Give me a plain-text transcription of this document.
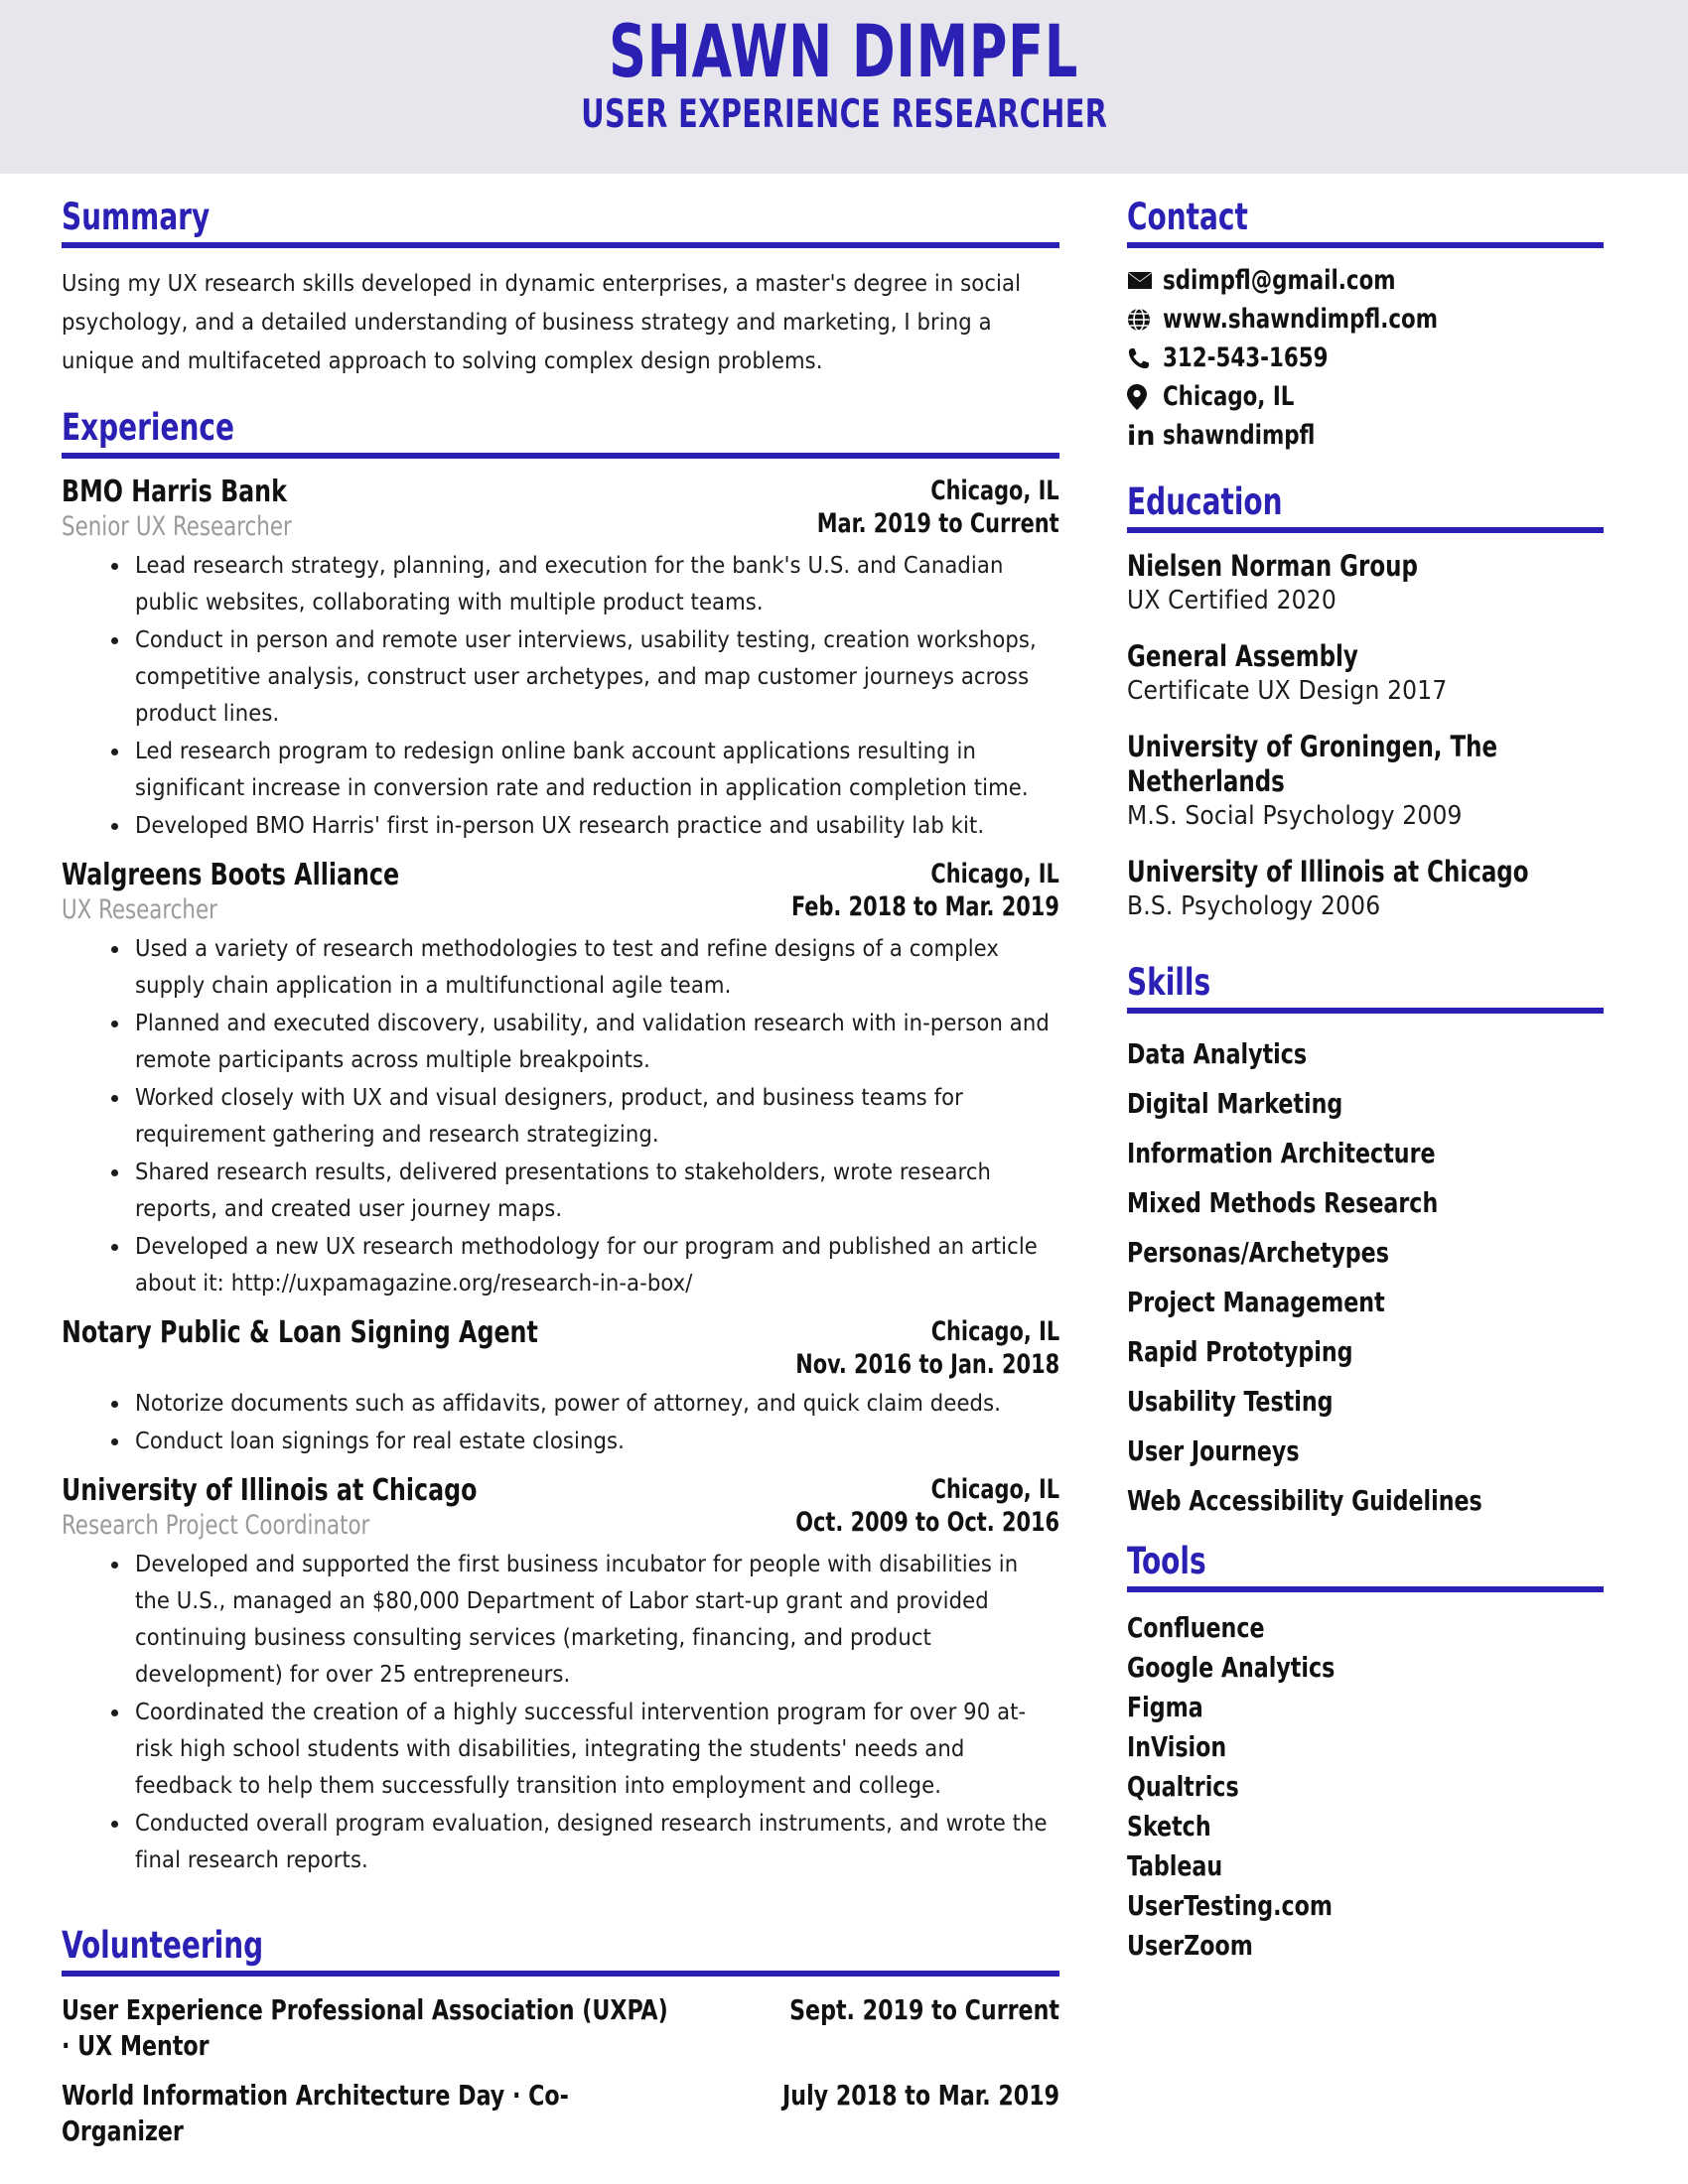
SHAWN DIMPFL
USER EXPERIENCE RESEARCHER
Summary

Using my UX research skills developed in dynamic enterprises, a master's degree in social psychology, and a detailed understanding of business strategy and marketing, I bring a unique and multifaceted approach to solving complex design problems.

Experience
BMO Harris Bank
Senior UX Researcher
Chicago, IL
Mar. 2019 to Current
Lead research strategy, planning, and execution for the bank's U.S. and Canadian public websites, collaborating with multiple product teams.
Conduct in person and remote user interviews, usability testing, creation workshops, competitive analysis, construct user archetypes, and map customer journeys across product lines.
Led research program to redesign online bank account applications resulting in significant increase in conversion rate and reduction in application completion time.
Developed BMO Harris' first in-person UX research practice and usability lab kit.
Walgreens Boots Alliance
UX Researcher
Chicago, IL
Feb. 2018 to Mar. 2019
Used a variety of research methodologies to test and refine designs of a complex supply chain application in a multifunctional agile team.
Planned and executed discovery, usability, and validation research with in-person and remote participants across multiple breakpoints.
Worked closely with UX and visual designers, product, and business teams for requirement gathering and research strategizing.
Shared research results, delivered presentations to stakeholders, wrote research reports, and created user journey maps.
Developed a new UX research methodology for our program and published an article about it: http://uxpamagazine.org/research-in-a-box/
Notary Public & Loan Signing Agent	Chicago, IL
Nov. 2016 to Jan. 2018
Notorize documents such as affidavits, power of attorney, and quick claim deeds.
Conduct loan signings for real estate closings.
University of Illinois at Chicago
Research Project Coordinator
Chicago, IL
Oct. 2009 to Oct. 2016
Developed and supported the first business incubator for people with disabilities in the U.S., managed an $80,000 Department of Labor start-up grant and provided continuing business consulting services (marketing, financing, and product development) for over 25 entrepreneurs.
Coordinated the creation of a highly successful intervention program for over 90 at-risk high school students with disabilities, integrating the students' needs and feedback to help them successfully transition into employment and college.
Conducted overall program evaluation, designed research instruments, and wrote the final research reports.
Volunteering
User Experience Professional Association (UXPA) · UX Mentor
Sept. 2019 to Current
World Information Architecture Day · Co-Organizer
July 2018 to Mar. 2019
Contact
sdimpfl@gmail.com
www.shawndimpfl.com
312-543-1659
Chicago, IL
in shawndimpfl
Education
Nielsen Norman Group
UX Certified 2020
General Assembly
Certificate UX Design 2017
University of Groningen, The Netherlands
M.S. Social Psychology 2009
University of Illinois at Chicago
B.S. Psychology 2006
Skills
Data Analytics
Digital Marketing
Information Architecture
Mixed Methods Research
Personas/Archetypes
Project Management
Rapid Prototyping
Usability Testing
User Journeys
Web Accessibility Guidelines
Tools
Confluence
Google Analytics
Figma
InVision
Qualtrics
Sketch
Tableau
UserTesting.com
UserZoom
